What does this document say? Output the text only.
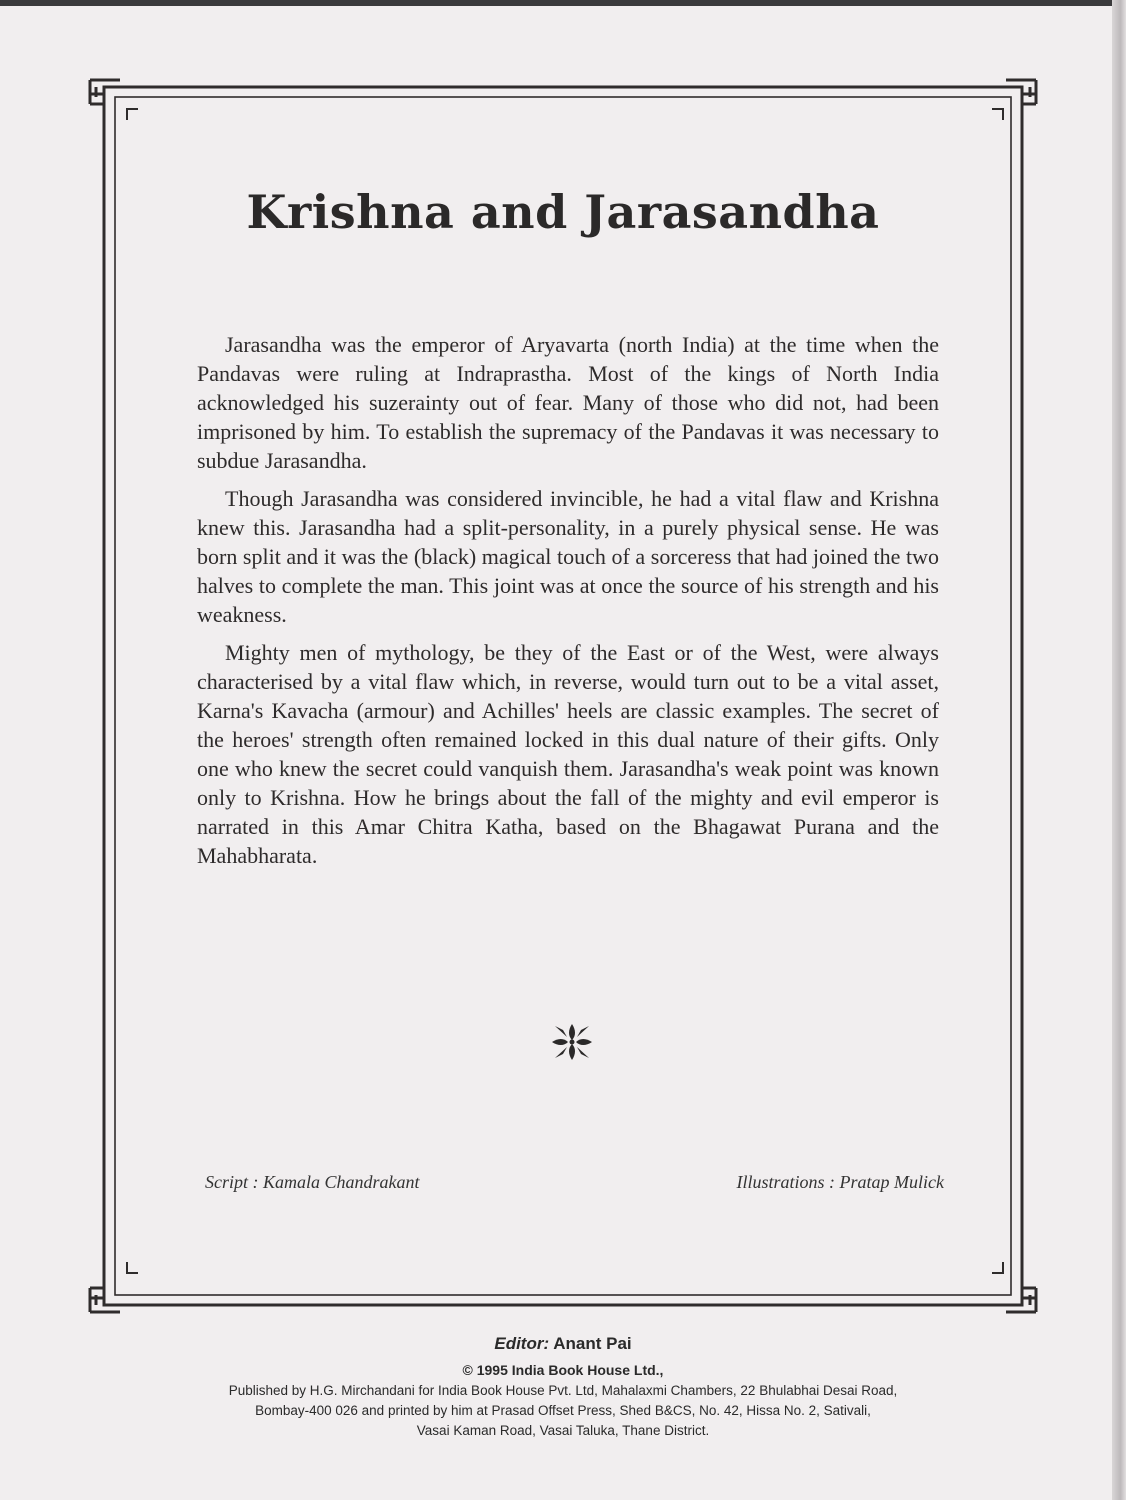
Krishna and Jarasandha

Jarasandha was the emperor of Aryavarta (north India) at the time when the Pandavas were ruling at Indraprastha. Most of the kings of North India acknowledged his suzerainty out of fear. Many of those who did not, had been imprisoned by him. To establish the supremacy of the Pandavas it was necessary to subdue Jarasandha.

Though Jarasandha was considered invincible, he had a vital flaw and Krishna knew this. Jarasandha had a split-personality, in a purely physical sense. He was born split and it was the (black) magical touch of a sorceress that had joined the two halves to complete the man. This joint was at once the source of his strength and his weakness.

Mighty men of mythology, be they of the East or of the West, were always characterised by a vital flaw which, in reverse, would turn out to be a vital asset, Karna's Kavacha (armour) and Achilles' heels are classic examples. The secret of the heroes' strength often remained locked in this dual nature of their gifts. Only one who knew the secret could vanquish them. Jarasandha's weak point was known only to Krishna. How he brings about the fall of the mighty and evil emperor is narrated in this Amar Chitra Katha, based on the Bhagawat Purana and the Mahabharata.

Script : Kamala Chandrakant	Illustrations : Pratap Mulick
Editor: Anant Pai
© 1995 India Book House Ltd.,
Published by H.G. Mirchandani for India Book House Pvt. Ltd, Mahalaxmi Chambers, 22 Bhulabhai Desai Road,
Bombay-400 026 and printed by him at Prasad Offset Press, Shed B&CS, No. 42, Hissa No. 2, Sativali,
Vasai Kaman Road, Vasai Taluka, Thane District.
